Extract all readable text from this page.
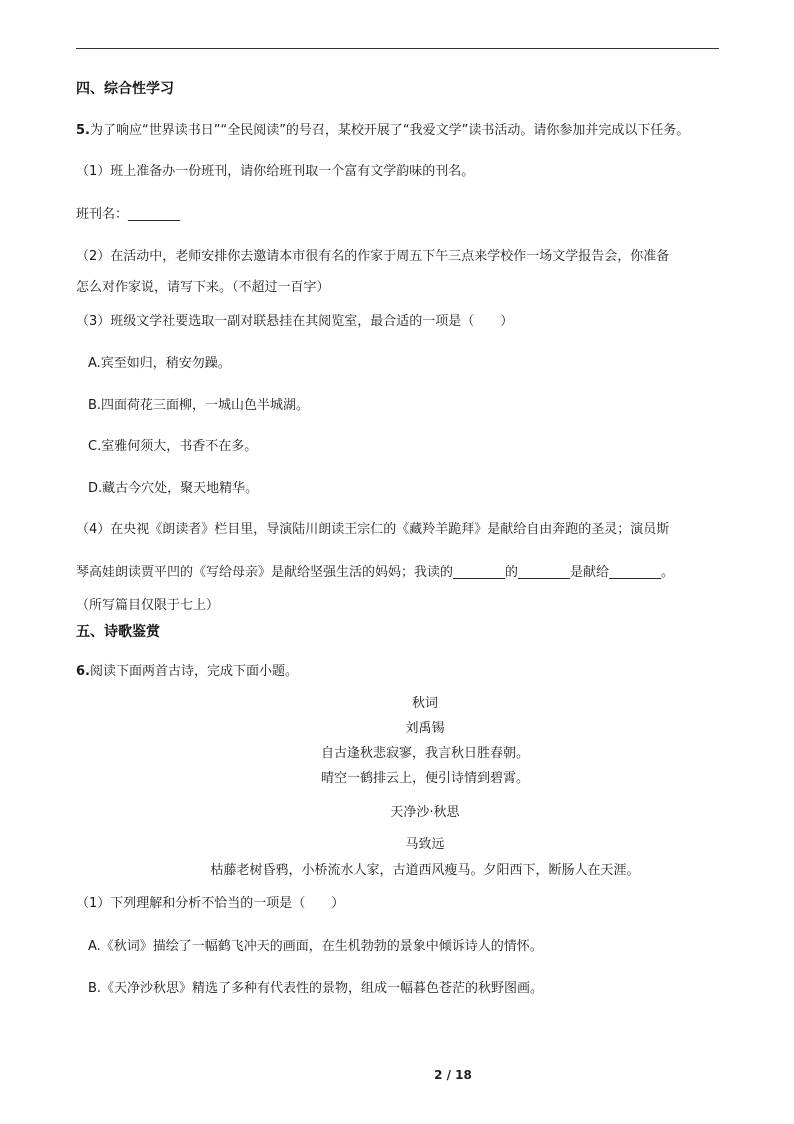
四、综合性学习
5.为了响应“世界读书日”“全民阅读”的号召，某校开展了“我爱文学”读书活动。请你参加并完成以下任务。
（1）班上准备办一份班刊，请你给班刊取一个富有文学韵味的刊名。
班刊名：________
（2）在活动中，老师安排你去邀请本市很有名的作家于周五下午三点来学校作一场文学报告会，你准备
怎么对作家说，请写下来。（不超过一百字）
（3）班级文学社要选取一副对联悬挂在其阅览室，最合适的一项是（　　）
A.宾至如归，稍安勿躁。
B.四面荷花三面柳，一城山色半城湖。
C.室雅何须大，书香不在多。
D.藏古今穴处，聚天地精华。
（4）在央视《朗读者》栏目里，导演陆川朗读王宗仁的《藏羚羊跪拜》是献给自由奔跑的圣灵；演员斯
琴高娃朗读贾平凹的《写给母亲》是献给坚强生活的妈妈；我读的________的________是献给________。
（所写篇目仅限于七上）
五、诗歌鉴赏
6.阅读下面两首古诗，完成下面小题。
秋词
刘禹锡
自古逢秋悲寂寥，我言秋日胜春朝。
晴空一鹤排云上，便引诗情到碧霄。
天净沙·秋思
马致远
枯藤老树昏鸦，小桥流水人家，古道西风瘦马。夕阳西下，断肠人在天涯。
（1）下列理解和分析不恰当的一项是（　　）
A.《秋词》描绘了一幅鹤飞冲天的画面，在生机勃勃的景象中倾诉诗人的情怀。
B.《天净沙秋思》精选了多种有代表性的景物，组成一幅暮色苍茫的秋野图画。
2 / 18
